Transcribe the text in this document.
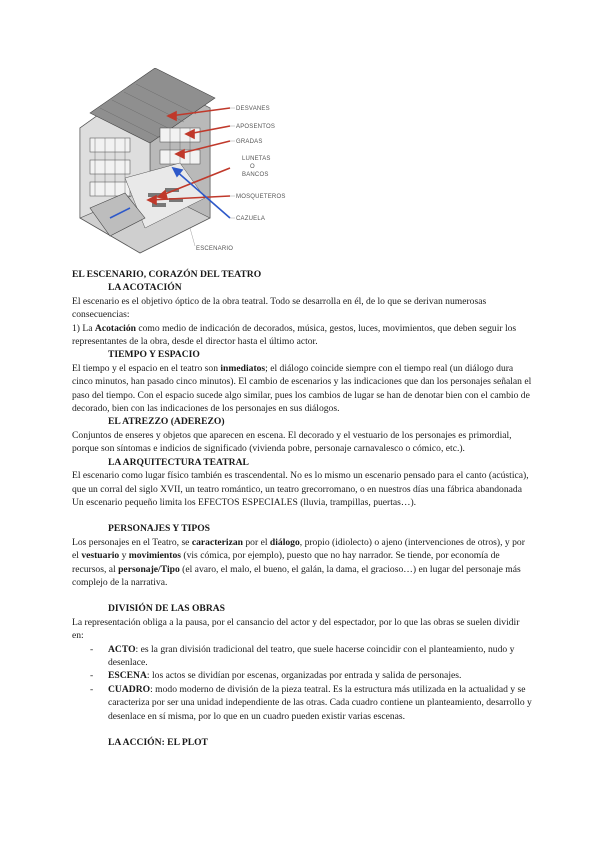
DESVANES
APOSENTOS
GRADAS
LUNETAS
O
BANCOS
MOSQUETEROS
CAZUELA
ESCENARIO

EL ESCENARIO, CORAZÓN DEL TEATRO

LA ACOTACIÓN

El escenario es el objetivo óptico de la obra teatral. Todo se desarrolla en él, de lo que se derivan numerosas consecuencias:

1) La Acotación como medio de indicación de decorados, música, gestos, luces, movimientos, que deben seguir los representantes de la obra, desde el director hasta el último actor.

TIEMPO Y ESPACIO

El tiempo y el espacio en el teatro son inmediatos; el diálogo coincide siempre con el tiempo real (un diálogo dura cinco minutos, han pasado cinco minutos). El cambio de escenarios y las indicaciones que dan los personajes señalan el paso del tiempo. Con el espacio sucede algo similar, pues los cambios de lugar se han de denotar bien con el cambio de decorado, bien con las indicaciones de los personajes en sus diálogos.

EL ATREZZO (ADEREZO)

Conjuntos de enseres y objetos que aparecen en escena. El decorado y el vestuario de los personajes es primordial, porque son síntomas e indicios de significado (vivienda pobre, personaje carnavalesco o cómico, etc.).

LA ARQUITECTURA TEATRAL

El escenario como lugar físico también es trascendental. No es lo mismo un escenario pensado para el canto (acústica), que un corral del siglo XVII, un teatro romántico, un teatro grecorromano, o en nuestros días una fábrica abandonada Un escenario pequeño limita los EFECTOS ESPECIALES (lluvia, trampillas, puertas…).

PERSONAJES Y TIPOS

Los personajes en el Teatro, se caracterizan por el diálogo, propio (idiolecto) o ajeno (intervenciones de otros), y por el vestuario y movimientos (vis cómica, por ejemplo), puesto que no hay narrador. Se tiende, por economía de recursos, al personaje/Tipo (el avaro, el malo, el bueno, el galán, la dama, el gracioso…) en lugar del personaje más complejo de la narrativa.

DIVISIÓN DE LAS OBRAS

La representación obliga a la pausa, por el cansancio del actor y del espectador, por lo que las obras se suelen dividir en:

- ACTO: es la gran división tradicional del teatro, que suele hacerse coincidir con el planteamiento, nudo y desenlace.
- ESCENA: los actos se dividían por escenas, organizadas por entrada y salida de personajes.
- CUADRO: modo moderno de división de la pieza teatral. Es la estructura más utilizada en la actualidad y se caracteriza por ser una unidad independiente de las otras. Cada cuadro contiene un planteamiento, desarrollo y desenlace en sí misma, por lo que en un cuadro pueden existir varias escenas.

LA ACCIÓN: EL PLOT
